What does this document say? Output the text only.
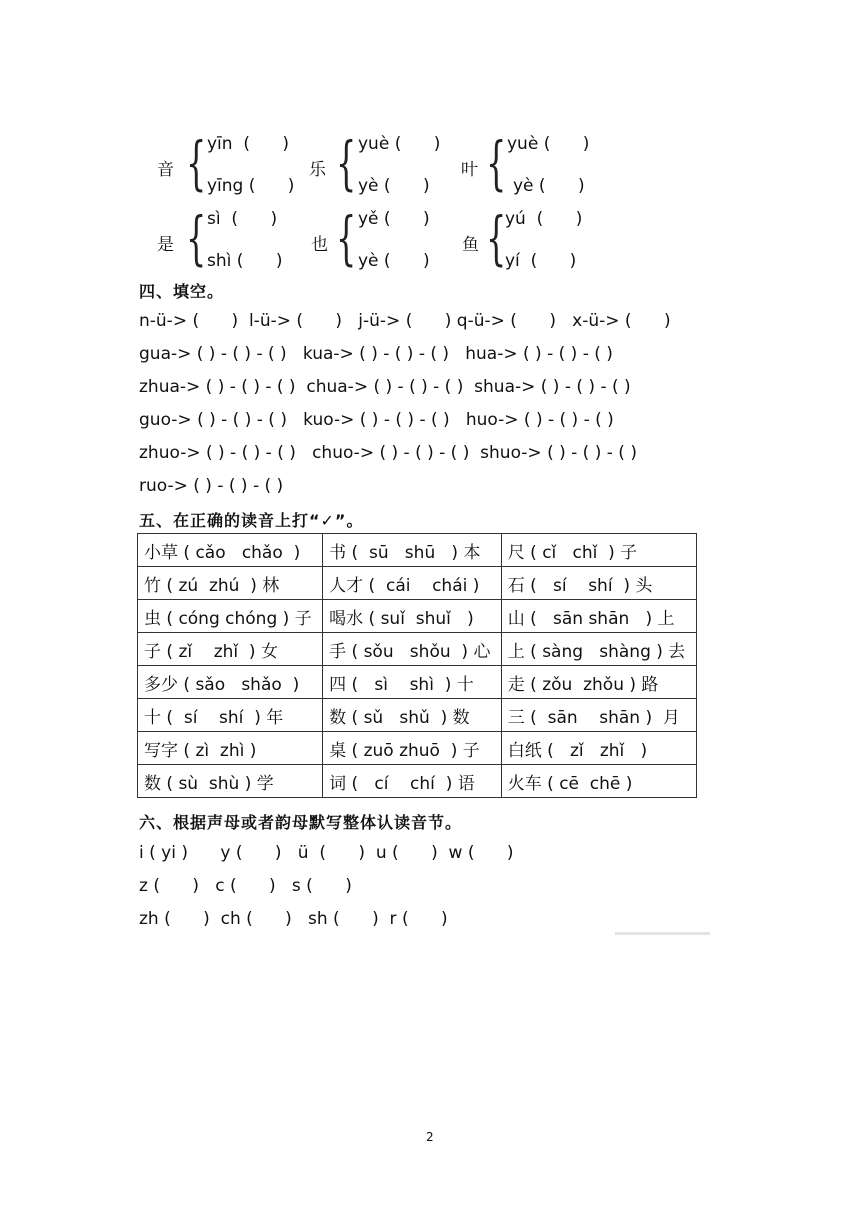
音 { yīn  (      )
yīng (      )
乐 { yuè (      )
yè (      )
叶 { yuè (      )
yè (      )
是 { sì  (      )
shì (      )
也 { yě (      )
yè (      )
鱼 {
yú  (      )
yí  (      )
四、填空。
n-ü-> (      )  l-ü-> (      )   j-ü-> (      ) q-ü-> (      )   x-ü-> (      )
gua-> ( ) - ( ) - ( )   kua-> ( ) - ( ) - ( )   hua-> ( ) - ( ) - ( )
zhua-> ( ) - ( ) - ( )  chua-> ( ) - ( ) - ( )  shua-> ( ) - ( ) - ( )
guo-> ( ) - ( ) - ( )   kuo-> ( ) - ( ) - ( )   huo-> ( ) - ( ) - ( )
zhuo-> ( ) - ( ) - ( )   chuo-> ( ) - ( ) - ( )  shuo-> ( ) - ( ) - ( )
ruo-> ( ) - ( ) - ( )
五、在正确的读音上打“✓”。
小草 ( cǎo   chǎo  )	书 (  sū   shū   ) 本	尺 ( cǐ   chǐ  ) 子
竹 ( zú  zhú  ) 林	人才 (  cái    chái )	石 (   sí    shí  ) 头
虫 ( cóng chóng ) 子	喝水 ( suǐ  shuǐ   )	山 (   sān shān   ) 上
子 ( zǐ    zhǐ  ) 女	手 ( sǒu   shǒu  ) 心	上 ( sàng   shàng ) 去
多少 ( sǎo   shǎo  )	四 (   sì    shì  ) 十	走 ( zǒu  zhǒu ) 路
十 (  sí    shí  ) 年	数 ( sǔ   shǔ  ) 数	三 (  sān    shān )  月
写字 ( zì  zhì )	桌 ( zuō zhuō  ) 子	白纸 (   zǐ   zhǐ   )
数 ( sù  shù ) 学	词 (   cí    chí  ) 语	火车 ( cē  chē )
六、根据声母或者韵母默写整体认读音节。
i ( yi )      y (      )   ü  (      )  u (      )  w (      )
z (      )   c (      )   s (      )
zh (      )  ch (      )   sh (      )  r (      )
2
